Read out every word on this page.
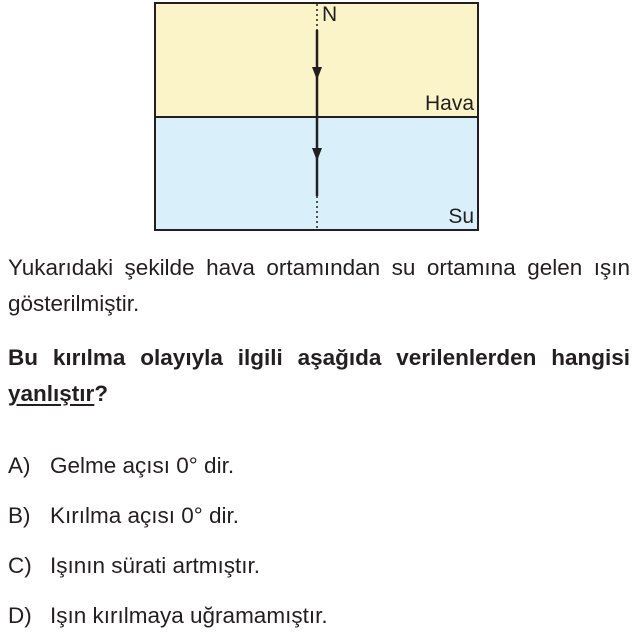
N
Hava
Su
Yukarıdaki şekilde hava ortamından su ortamına gelen ışın gösterilmiştir.
Bu kırılma olayıyla ilgili aşağıda verilenlerden hangisi yanlıştır?
A) Gelme açısı 0° dir.
B) Kırılma açısı 0° dir.
C) Işının sürati artmıştır.
D) Işın kırılmaya uğramamıştır.
